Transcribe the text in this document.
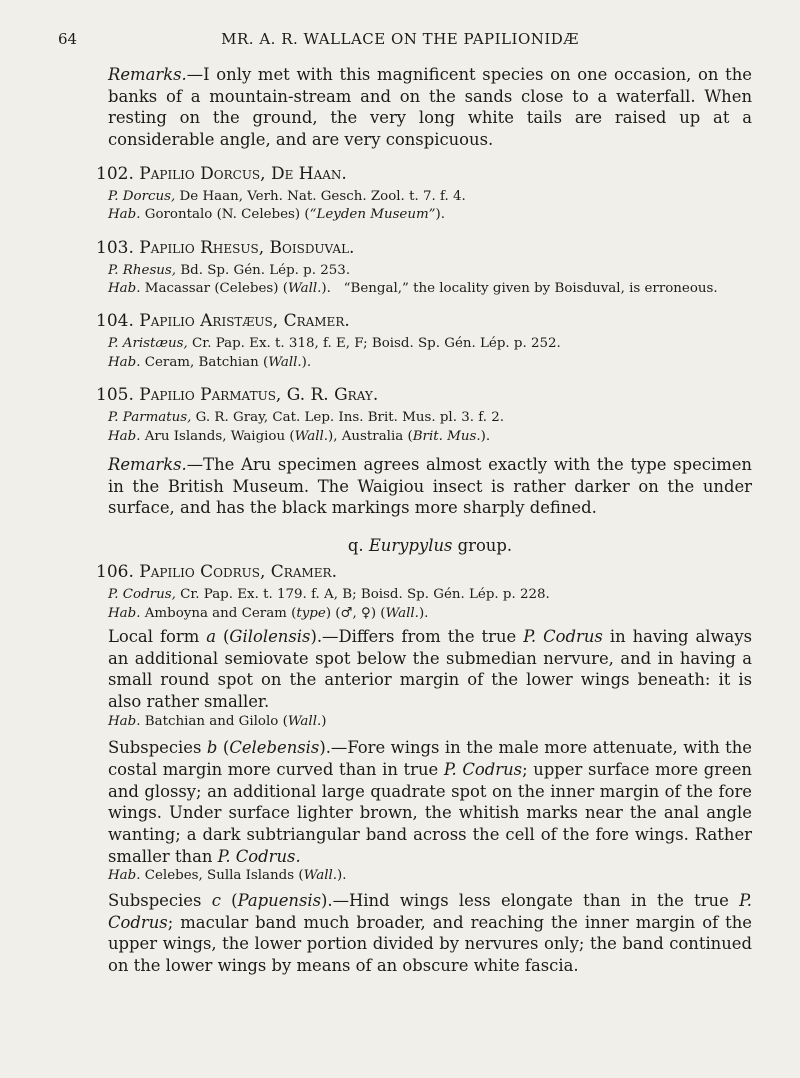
64	MR. A. R. WALLACE ON THE PAPILIONIDÆ

Remarks.—I only met with this magnificent species on one occasion, on the banks of a mountain-stream and on the sands close to a waterfall. When resting on the ground, the very long white tails are raised up at a considerable angle, and are very conspicuous.

102. Papilio Dorcus, De Haan.

P. Dorcus, De Haan, Verh. Nat. Gesch. Zool. t. 7. f. 4.

Hab. Gorontalo (N. Celebes) (“Leyden Museum”).

103. Papilio Rhesus, Boisduval.

P. Rhesus, Bd. Sp. Gén. Lép. p. 253.

Hab. Macassar (Celebes) (Wall.).   “Bengal,” the locality given by Boisduval, is erroneous.

104. Papilio Aristæus, Cramer.

P. Aristæus, Cr. Pap. Ex. t. 318, f. E, F; Boisd. Sp. Gén. Lép. p. 252.

Hab. Ceram, Batchian (Wall.).

105. Papilio Parmatus, G. R. Gray.

P. Parmatus, G. R. Gray, Cat. Lep. Ins. Brit. Mus. pl. 3. f. 2.

Hab. Aru Islands, Waigiou (Wall.), Australia (Brit. Mus.).

Remarks.—The Aru specimen agrees almost exactly with the type specimen in the British Museum. The Waigiou insect is rather darker on the under surface, and has the black markings more sharply defined.

q. Eurypylus group.

106. Papilio Codrus, Cramer.

P. Codrus, Cr. Pap. Ex. t. 179. f. A, B; Boisd. Sp. Gén. Lép. p. 228.

Hab. Amboyna and Ceram (type) (♂, ♀) (Wall.).

Local form a (Gilolensis).—Differs from the true P. Codrus in having always an additional semiovate spot below the submedian nervure, and in having a small round spot on the anterior margin of the lower wings beneath: it is also rather smaller.

Hab. Batchian and Gilolo (Wall.)

Subspecies b (Celebensis).—Fore wings in the male more attenuate, with the costal margin more curved than in true P. Codrus; upper surface more green and glossy; an additional large quadrate spot on the inner margin of the fore wings. Under surface lighter brown, the whitish marks near the anal angle wanting; a dark subtriangular band across the cell of the fore wings. Rather smaller than P. Codrus.

Hab. Celebes, Sulla Islands (Wall.).

Subspecies c (Papuensis).—Hind wings less elongate than in the true P. Codrus; macular band much broader, and reaching the inner margin of the upper wings, the lower portion divided by nervures only; the band continued on the lower wings by means of an obscure white fascia.
